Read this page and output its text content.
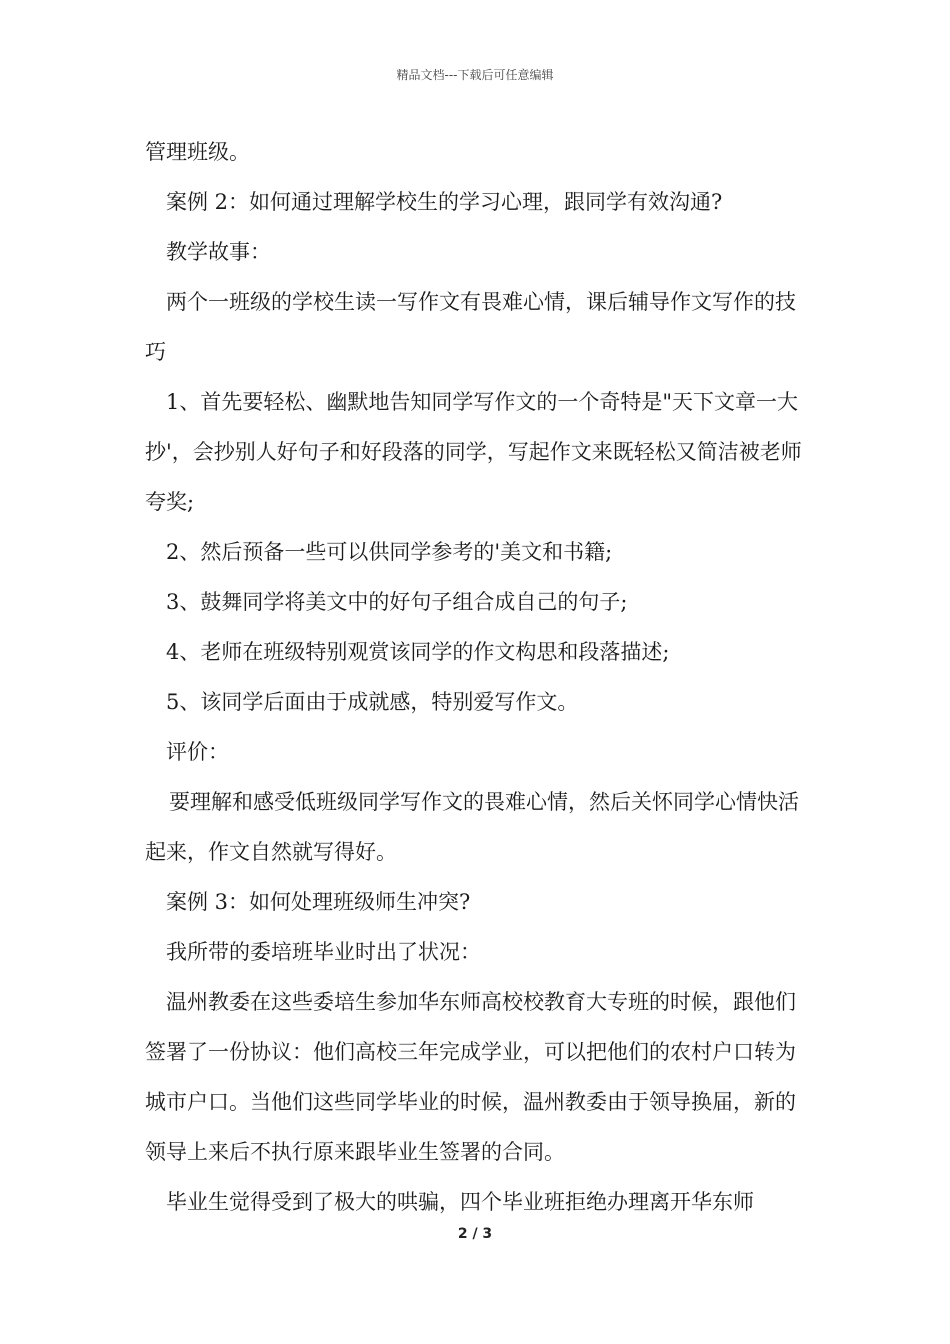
精品文档---下载后可任意编辑

管理班级。

案例 2：如何通过理解学校生的学习心理，跟同学有效沟通?

教学故事：

两个一班级的学校生读一写作文有畏难心情，课后辅导作文写作的技巧

1、首先要轻松、幽默地告知同学写作文的一个奇特是"天下文章一大抄'，会抄别人好句子和好段落的同学，写起作文来既轻松又简洁被老师夸奖;

2、然后预备一些可以供同学参考的'美文和书籍;

3、鼓舞同学将美文中的好句子组合成自己的句子;

4、老师在班级特别观赏该同学的作文构思和段落描述;

5、该同学后面由于成就感，特别爱写作文。

评价：

要理解和感受低班级同学写作文的畏难心情，然后关怀同学心情快活起来，作文自然就写得好。

案例 3：如何处理班级师生冲突?

我所带的委培班毕业时出了状况：

温州教委在这些委培生参加华东师高校校教育大专班的时候，跟他们签署了一份协议：他们高校三年完成学业，可以把他们的农村户口转为城市户口。当他们这些同学毕业的时候，温州教委由于领导换届，新的领导上来后不执行原来跟毕业生签署的合同。

毕业生觉得受到了极大的哄骗，四个毕业班拒绝办理离开华东师

2 / 3
